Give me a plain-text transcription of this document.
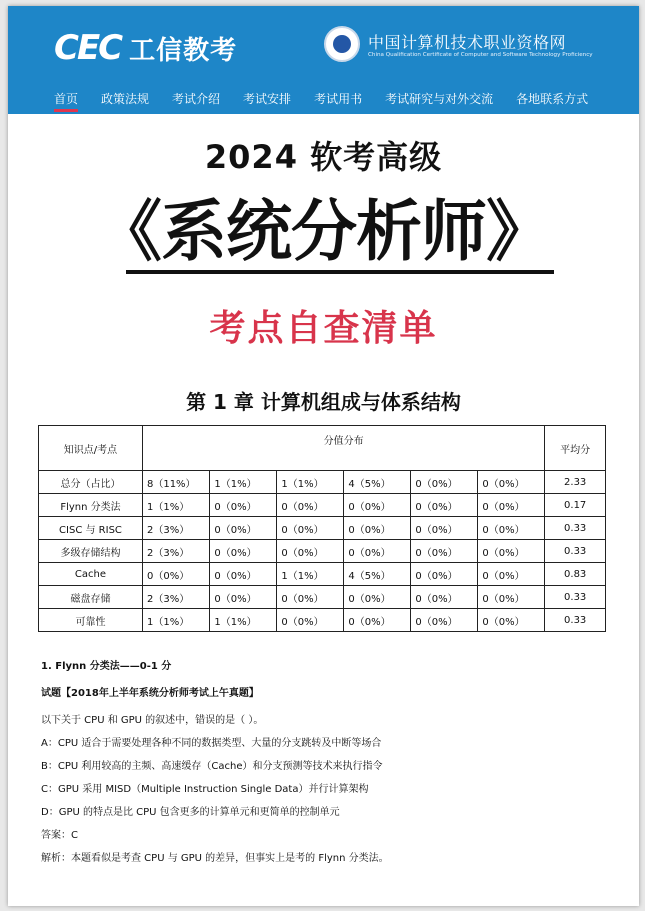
CEC 工信教考	中国计算机技术职业资格网
China Qualification Certificate of Computer and Software Technology Proficiency
首页 政策法规 考试介绍 考试安排 考试用书 考试研究与对外交流 各地联系方式
2024 软考高级
《系统分析师》
考点自查清单
第 1 章 计算机组成与体系结构
知识点/考点	分值分布						平均分
总分（占比）	8（11%）	1（1%）	1（1%）	4（5%）	0（0%）	0（0%）	2.33
Flynn 分类法	1（1%）	0（0%）	0（0%）	0（0%）	0（0%）	0（0%）	0.17
CISC 与 RISC	2（3%）	0（0%）	0（0%）	0（0%）	0（0%）	0（0%）	0.33
多级存储结构	2（3%）	0（0%）	0（0%）	0（0%）	0（0%）	0（0%）	0.33
Cache	0（0%）	0（0%）	1（1%）	4（5%）	0（0%）	0（0%）	0.83
磁盘存储	2（3%）	0（0%）	0（0%）	0（0%）	0（0%）	0（0%）	0.33
可靠性	1（1%）	1（1%）	0（0%）	0（0%）	0（0%）	0（0%）	0.33
1. Flynn 分类法——0-1 分
试题【2018年上半年系统分析师考试上午真题】
以下关于 CPU 和 GPU 的叙述中，错误的是（ ）。
A：CPU 适合于需要处理各种不同的数据类型、大量的分支跳转及中断等场合
B：CPU 利用较高的主频、高速缓存（Cache）和分支预测等技术来执行指令
C：GPU 采用 MISD（Multiple Instruction Single Data）并行计算架构
D：GPU 的特点是比 CPU 包含更多的计算单元和更简单的控制单元
答案：C
解析：本题看似是考查 CPU 与 GPU 的差异，但事实上是考的 Flynn 分类法。
